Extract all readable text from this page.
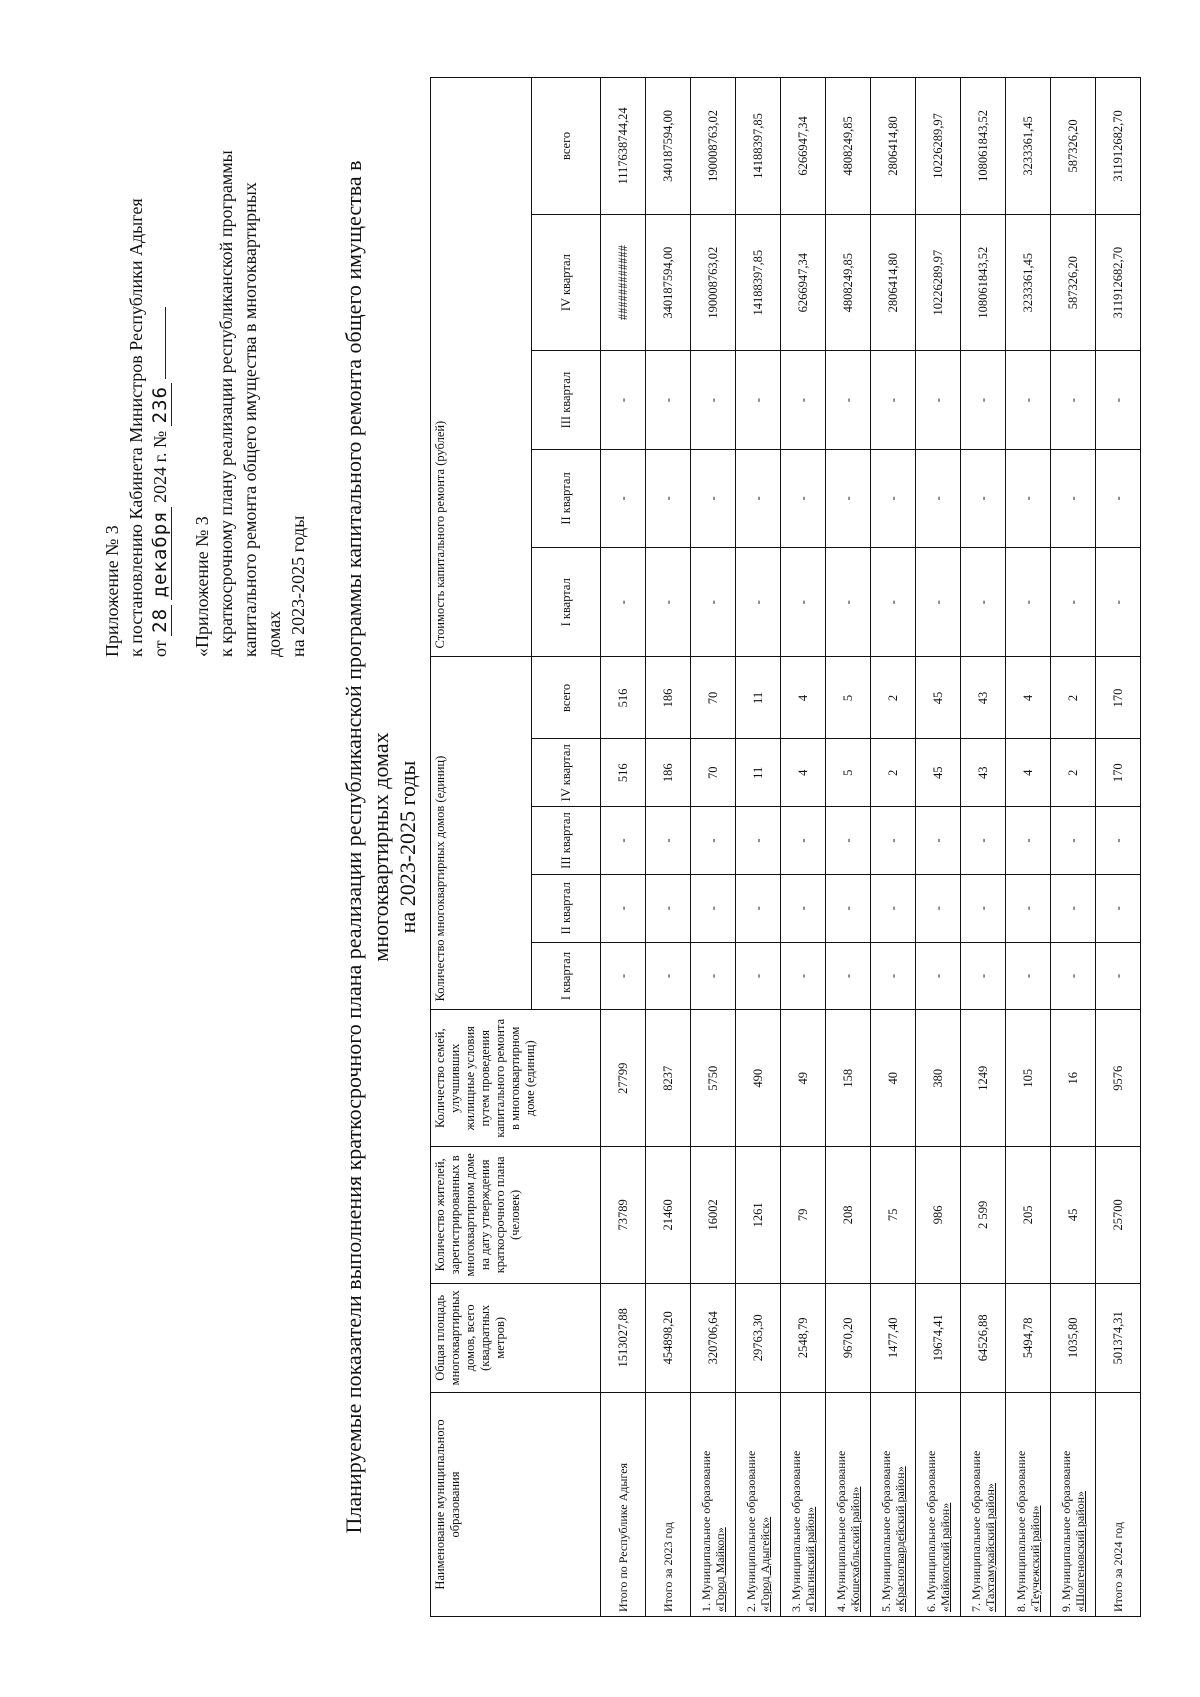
Приложение № 3 к постановлению Кабинета Министров Республики Адыгея от 28 декабря 2024 г. № 236
«Приложение № 3 к краткосрочному плану реализации республиканской программы капитального ремонта общего имущества в многоквартирных домах на 2023-2025 годы Планируемые показатели выполнения краткосрочного плана реализации республиканской программы капитального ремонта общего имущества в многоквартирных домах на 2023-2025 годы
Наименование муниципального образования	Общая площадь многоквартирных домов, всего (квадратных метров)	Количество жителей, зарегистрированных в многоквартирном доме на дату утверждения краткосрочного плана (человек)	Количество семей, улучшивших жилищные условия путем проведения капитального ремонта в многоквартирном доме (единиц)	Количество многоквартирных домов (единиц)					Стоимость капитального ремонта (рублей)				
				I квартал	II квартал	III квартал	IV квартал	всего	I квартал	II квартал	III квартал	IV квартал	всего

Итого по Республике Адыгея	1513027,88	73789	27799	-	-	-	516	516	-	-	-	############	1117638744,24

Итого за 2023 год	454898,20	21460	8237	-	-	-	186	186	-	-	-	340187594,00	340187594,00

1. Муниципальное образование «Город Майкоп»	320706,64	16002	5750	-	-	-	70	70	-	-	-	190008763,02	190008763,02

2. Муниципальное образование «Город Адыгейск»	29763,30	1261	490	-	-	-	11	11	-	-	-	14188397,85	14188397,85

3. Муниципальное образование «Гиагинский район»	2548,79	79	49	-	-	-	4	4	-	-	-	6266947,34	6266947,34

4. Муниципальное образование «Кошехабльский район»	9670,20	208	158	-	-	-	5	5	-	-	-	4808249,85	4808249,85

5. Муниципальное образование «Красногвардейский район»	1477,40	75	40	-	-	-	2	2	-	-	-	2806414,80	2806414,80

6. Муниципальное образование «Майкопский район»	19674,41	986	380	-	-	-	45	45	-	-	-	10226289,97	10226289,97

7. Муниципальное образование «Тахтамукайский район»	64526,88	2 599	1249	-	-	-	43	43	-	-	-	108061843,52	108061843,52

8. Муниципальное образование «Теучежский район»	5494,78	205	105	-	-	-	4	4	-	-	-	3233361,45	3233361,45

9. Муниципальное образование «Шовгеновский район»	1035,80	45	16	-	-	-	2	2	-	-	-	587326,20	587326,20

Итого за 2024 год	501374,31	25700	9576	-	-	-	170	170	-	-	-	311912682,70	311912682,70
